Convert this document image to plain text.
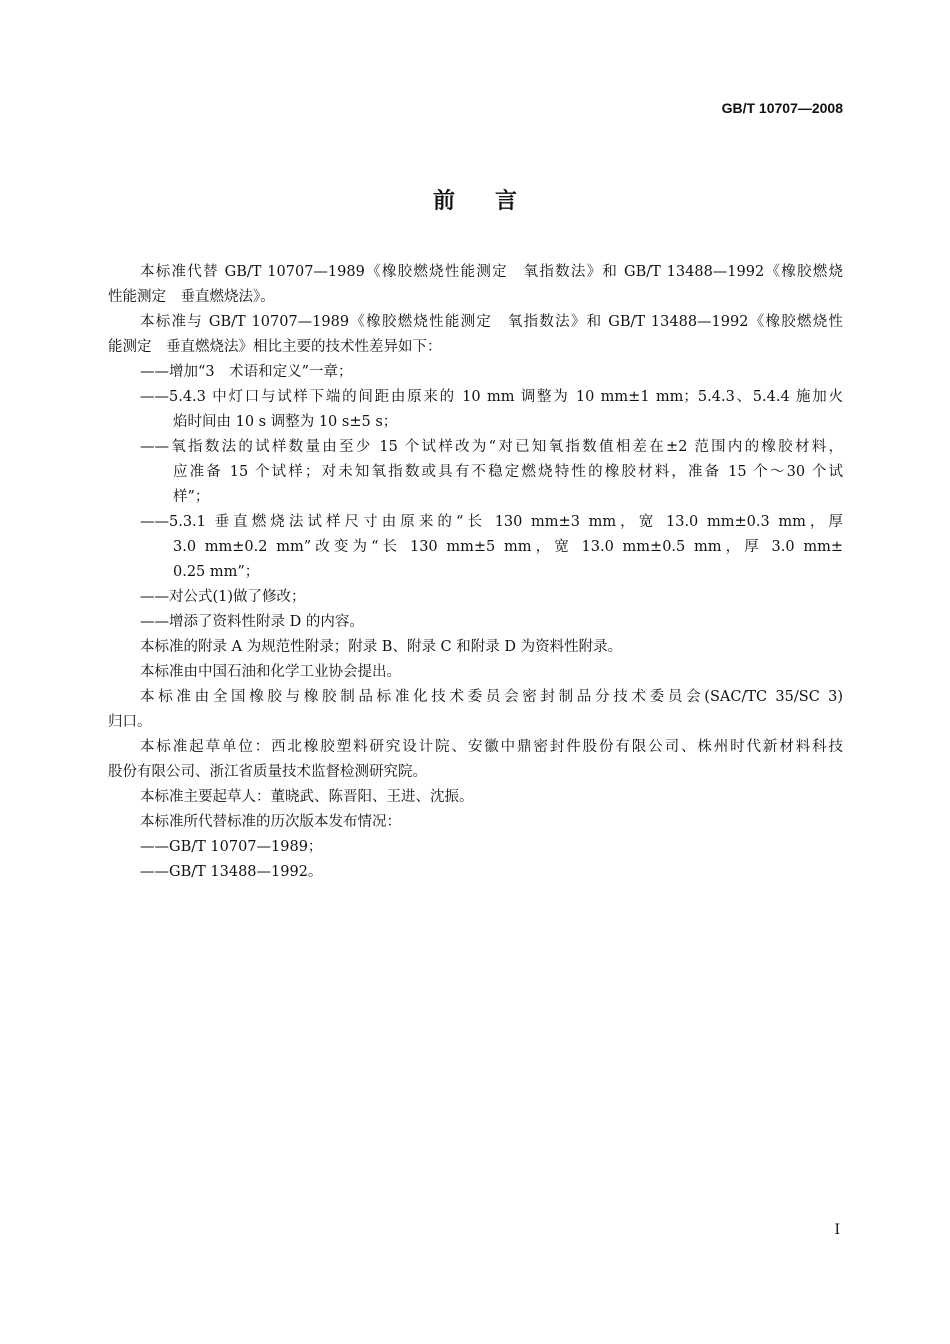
GB/T 10707—2008
前言
本标准代替 GB/T 10707—1989《橡胶燃烧性能测定　氧指数法》和 GB/T 13488—1992《橡胶燃烧
性能测定　垂直燃烧法》。
本标准与 GB/T 10707—1989《橡胶燃烧性能测定　氧指数法》和 GB/T 13488—1992《橡胶燃烧性
能测定　垂直燃烧法》相比主要的技术性差异如下：
——增加“3　术语和定义”一章；
——5.4.3 中灯口与试样下端的间距由原来的 10 mm 调整为 10 mm±1 mm；5.4.3、5.4.4 施加火
焰时间由 10 s 调整为 10 s±5 s；
——氧指数法的试样数量由至少 15 个试样改为“对已知氧指数值相差在±2 范围内的橡胶材料，
应准备 15 个试样；对未知氧指数或具有不稳定燃烧特性的橡胶材料，准备 15 个～30 个试
样”；
——5.3.1 垂直燃烧法试样尺寸由原来的“长 130 mm±3 mm，宽 13.0 mm±0.3 mm，厚
3.0 mm±0.2 mm”改变为“长 130 mm±5 mm，宽 13.0 mm±0.5 mm，厚 3.0 mm±
0.25 mm”；
——对公式(1)做了修改；
——增添了资料性附录 D 的内容。
本标准的附录 A 为规范性附录；附录 B、附录 C 和附录 D 为资料性附录。
本标准由中国石油和化学工业协会提出。
本标准由全国橡胶与橡胶制品标准化技术委员会密封制品分技术委员会(SAC/TC 35/SC 3)
归口。
本标准起草单位：西北橡胶塑料研究设计院、安徽中鼎密封件股份有限公司、株州时代新材料科技
股份有限公司、浙江省质量技术监督检测研究院。
本标准主要起草人：董晓武、陈晋阳、王进、沈振。
本标准所代替标准的历次版本发布情况：
——GB/T 10707—1989；
——GB/T 13488—1992。
I
